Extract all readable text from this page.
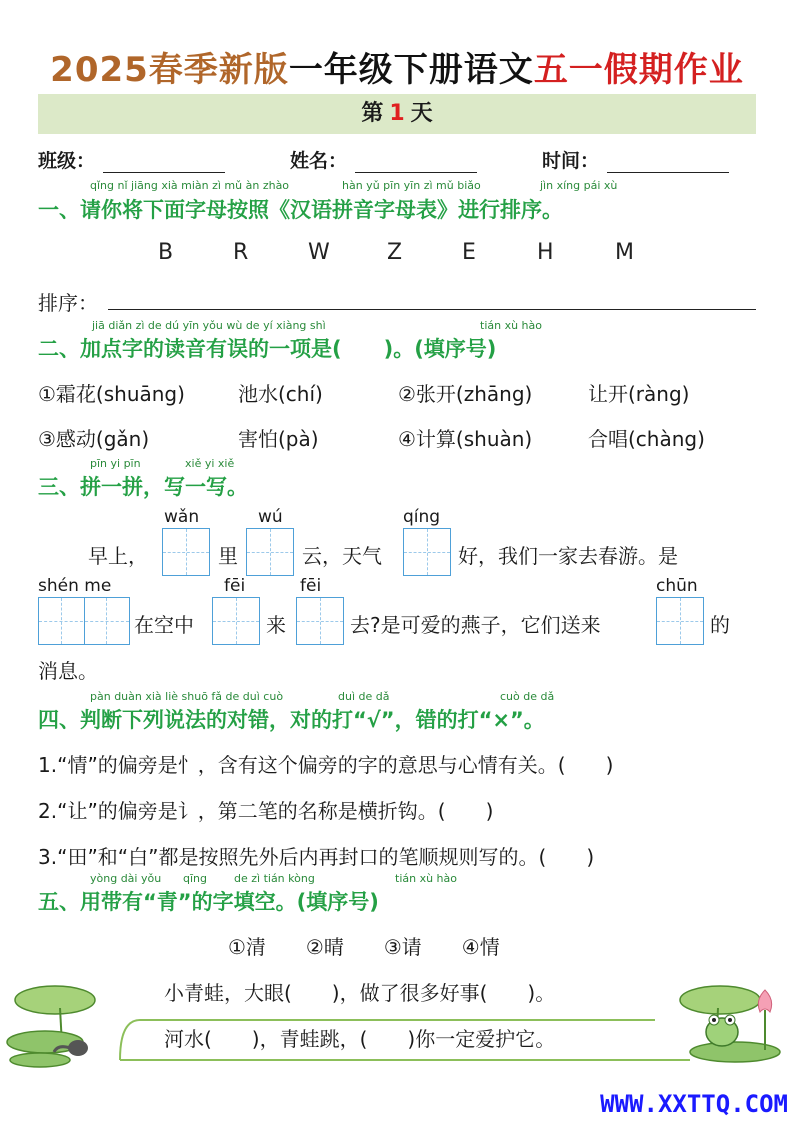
2025春季新版一年级下册语文五一假期作业
第 1 天
班级：	姓名：	时间：
qǐng nǐ jiāng xià miàn zì mǔ àn zhào	hàn yǔ pīn yīn zì mǔ biǎo	jìn xíng pái xù
一、请你将下面字母按照《汉语拼音字母表》进行排序。
B	R	W	Z	E	H	M
排序：
jiā diǎn zì de dú yīn yǒu wù de yí xiàng shì	tián xù hào
二、加点字的读音有误的一项是(　　)。(填序号)
①霜花(shuāng)	池水(chí)	②张开(zhāng)	让开(ràng)
③感动(gǎn)	害怕(pà)	④计算(shuàn)	合唱(chàng)
pīn yi pīn	xiě yi xiě
三、拼一拼，写一写。
wǎn	wú	qíng
早上，	里	云，天气	好，我们一家去春游。是
shén me	fēi	fēi	chūn
在空中	来	去?是可爱的燕子，它们送来	的
消息。
pàn duàn xià liè shuō fǎ de duì cuò	duì de dǎ	cuò de dǎ
四、判断下列说法的对错，对的打“√”，错的打“×”。
1.“情”的偏旁是忄，含有这个偏旁的字的意思与心情有关。(　　)
2.“让”的偏旁是讠，第二笔的名称是横折钩。(　　)
3.“田”和“白”都是按照先外后内再封口的笔顺规则写的。(　　)
yòng dài yǒu qīng de zì tián kòng	tián xù hào
五、用带有“青”的字填空。(填序号)
①清　　②晴　　③请　　④情
小青蛙，大眼(　　)，做了很多好事(　　)。
河水(　　)，青蛙跳，(　　)你一定爱护它。
WWW.XXTTQ.COM
